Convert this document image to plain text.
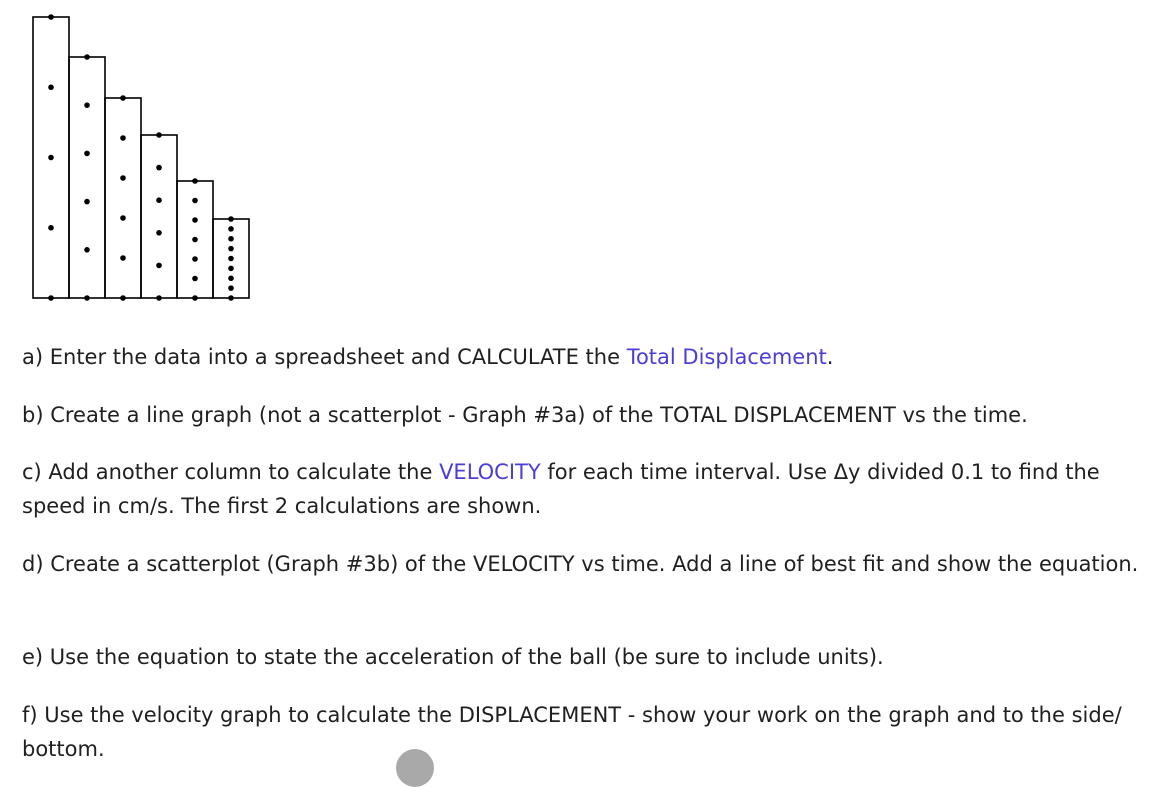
a) Enter the data into a spreadsheet and CALCULATE the Total Displacement.

b) Create a line graph (not a scatterplot - Graph #3a) of the TOTAL DISPLACEMENT vs the time.

c) Add another column to calculate the VELOCITY for each time interval. Use Δy divided 0.1 to find the speed in cm/s. The first 2 calculations are shown.

d) Create a scatterplot (Graph #3b) of the VELOCITY vs time. Add a line of best fit and show the equation.

e) Use the equation to state the acceleration of the ball (be sure to include units).

f) Use the velocity graph to calculate the DISPLACEMENT - show your work on the graph and to the side/ bottom.
